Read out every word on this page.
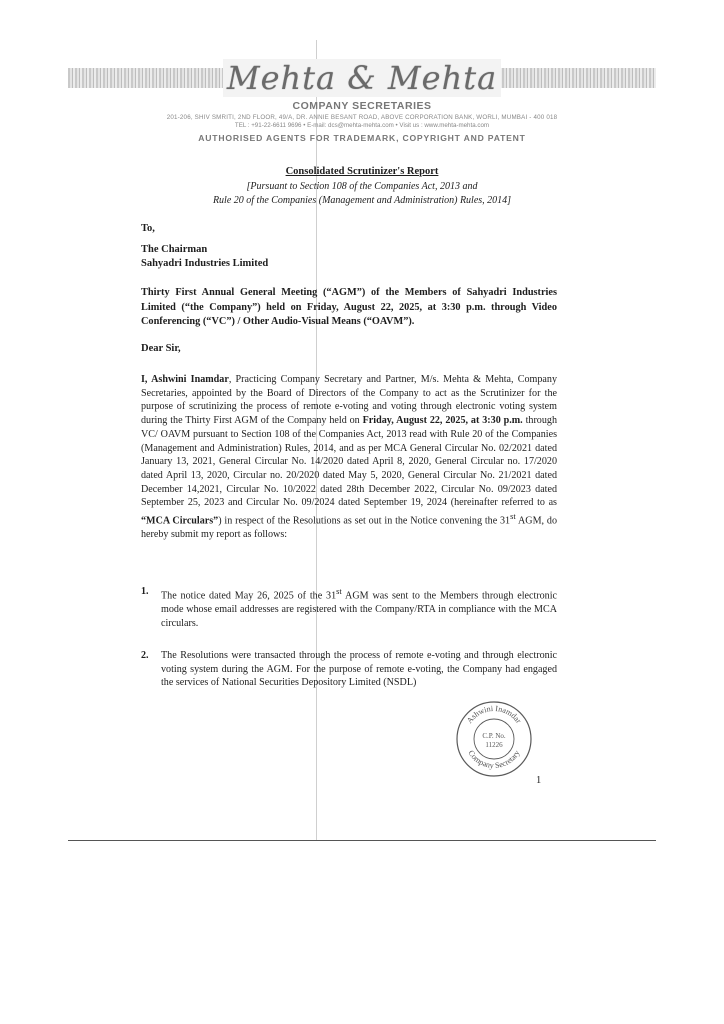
Mehta & Mehta
COMPANY SECRETARIES
201-206, SHIV SMRITI, 2ND FLOOR, 49/A, DR. ANNIE BESANT ROAD, ABOVE CORPORATION BANK, WORLI, MUMBAI - 400 018
TEL : +91-22-6611 9696 • E-mail: dcs@mehta-mehta.com • Visit us : www.mehta-mehta.com
AUTHORISED AGENTS FOR TRADEMARK, COPYRIGHT AND PATENT
Consolidated Scrutinizer's Report
[Pursuant to Section 108 of the Companies Act, 2013 and
Rule 20 of the Companies (Management and Administration) Rules, 2014]
To,
The Chairman
Sahyadri Industries Limited
Thirty First Annual General Meeting (“AGM”) of the Members of Sahyadri Industries Limited (“the Company”) held on Friday, August 22, 2025, at 3:30 p.m. through Video Conferencing (“VC”) / Other Audio-Visual Means (“OAVM”).
Dear Sir,
I, Ashwini Inamdar, Practicing Company Secretary and Partner, M/s. Mehta & Mehta, Company Secretaries, appointed by the Board of Directors of the Company to act as the Scrutinizer for the purpose of scrutinizing the process of remote e-voting and voting through electronic voting system during the Thirty First AGM of the Company held on Friday, August 22, 2025, at 3:30 p.m. through VC/ OAVM pursuant to Section 108 of the Companies Act, 2013 read with Rule 20 of the Companies (Management and Administration) Rules, 2014, and as per MCA General Circular No. 02/2021 dated January 13, 2021, General Circular No. 14/2020 dated April 8, 2020, General Circular no. 17/2020 dated April 13, 2020, Circular no. 20/2020 dated May 5, 2020, General Circular No. 21/2021 dated December 14,2021, Circular No. 10/2022 dated 28th December 2022, Circular No. 09/2023 dated September 25, 2023 and Circular No. 09/2024 dated September 19, 2024 (hereinafter referred to as “MCA Circulars”) in respect of the Resolutions as set out in the Notice convening the 31st AGM, do hereby submit my report as follows:
1. The notice dated May 26, 2025 of the 31st AGM was sent to the Members through electronic mode whose email addresses are registered with the Company/RTA in compliance with the MCA circulars.
2. The Resolutions were transacted through the process of remote e-voting and through electronic voting system during the AGM. For the purpose of remote e-voting, the Company had engaged the services of National Securities Depository Limited (NSDL)
Ashwini Inamdar
Company Secretary
C.P. No.
11226
1
